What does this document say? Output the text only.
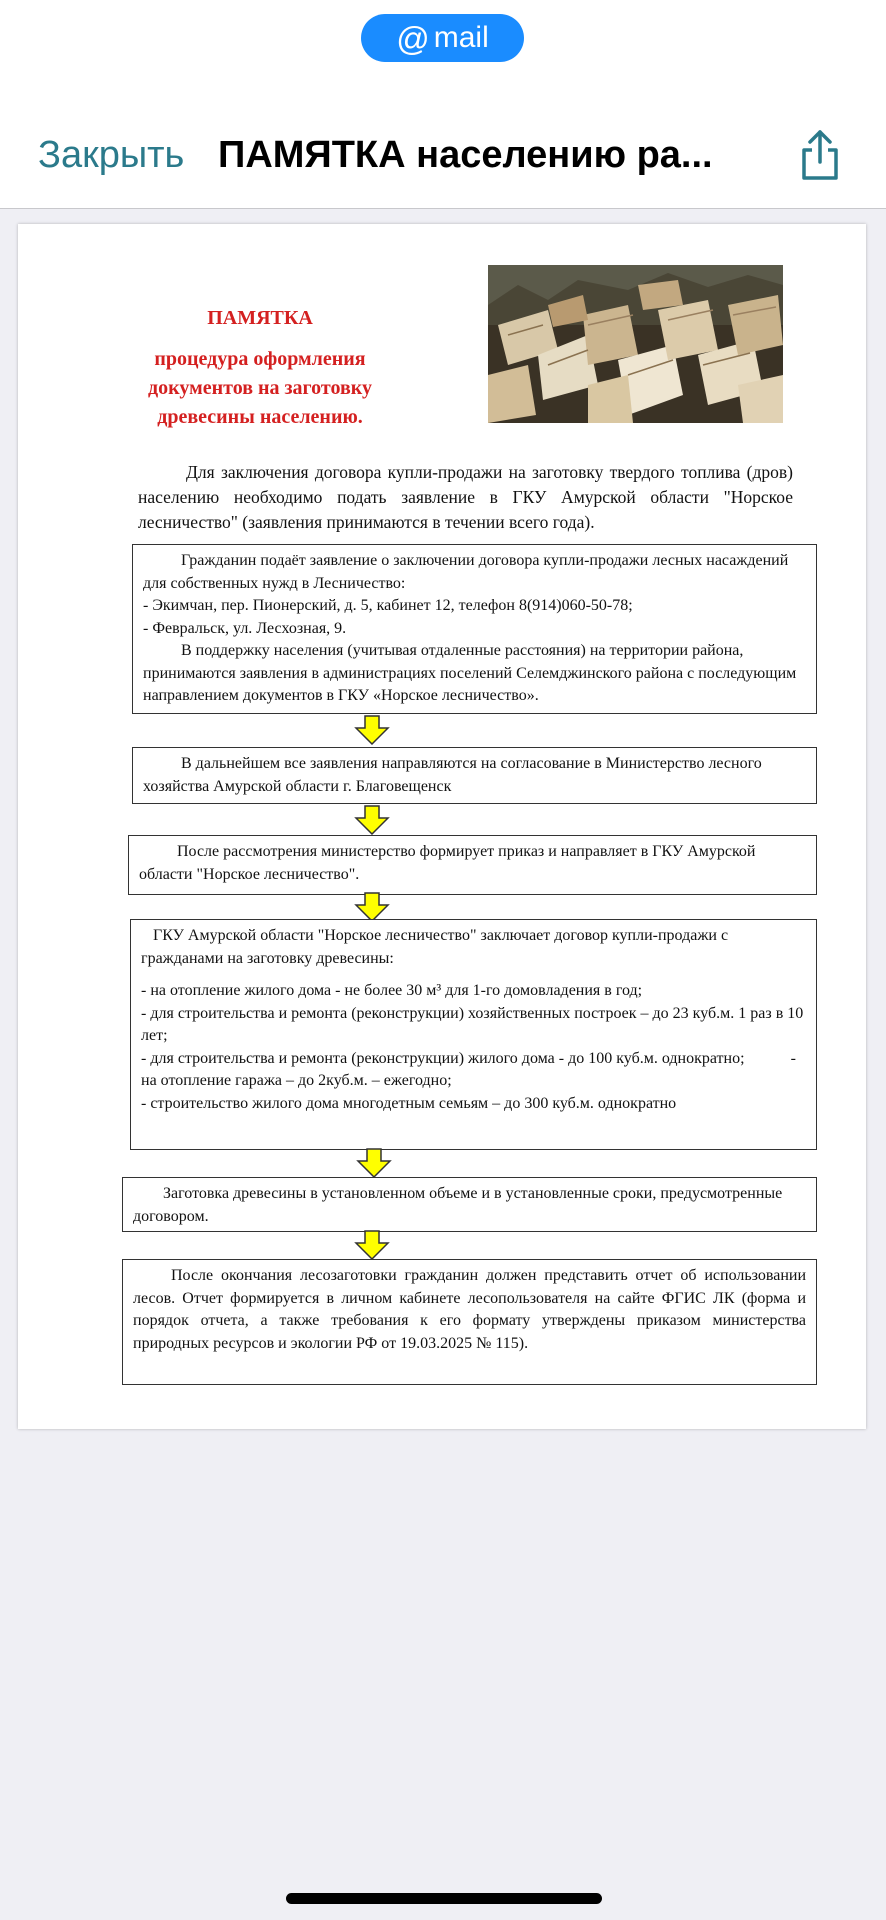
@ mail
Закрыть ПАМЯТКА населению ра...
ПАМЯТКА
процедура оформления документов на заготовку древесины населению.
Для заключения договора купли-продажи на заготовку твердого топлива (дров) населению необходимо подать заявление в ГКУ Амурской области "Норское лесничество" (заявления принимаются в течении всего года).

Гражданин подаёт заявление о заключении договора купли-продажи лесных насаждений для собственных нужд в Лесничество:

- Экимчан, пер. Пионерский, д. 5, кабинет 12, телефон 8(914)060-50-78;

- Февральск, ул. Лесхозная, 9.

В поддержку населения (учитывая отдаленные расстояния) на территории района, принимаются заявления в администрациях поселений Селемджинского района с последующим направлением документов в ГКУ «Норское лесничество».

В дальнейшем все заявления направляются на согласование в Министерство лесного хозяйства Амурской области г. Благовещенск
После рассмотрения министерство формирует приказ и направляет в ГКУ Амурской области "Норское лесничество".

ГКУ Амурской области "Норское лесничество" заключает договор купли-продажи с гражданами на заготовку древесины:

- на отопление жилого дома - не более 30 м³ для 1-го домовладения в год;

- для строительства и ремонта (реконструкции) хозяйственных построек – до 23 куб.м. 1 раз в 10 лет;

- для строительства и ремонта (реконструкции) жилого дома - до 100 куб.м. однократно;	-

на отопление гаража – до 2куб.м. – ежегодно;

- строительство жилого дома многодетным семьям – до 300 куб.м. однократно

Заготовка древесины в установленном объеме и в установленные сроки, предусмотренные договором.
После окончания лесозаготовки гражданин должен представить отчет об использовании лесов. Отчет формируется в личном кабинете лесопользователя на сайте ФГИС ЛК (форма и порядок отчета, а также требования к его формату утверждены приказом министерства природных ресурсов и экологии РФ от 19.03.2025 № 115).
